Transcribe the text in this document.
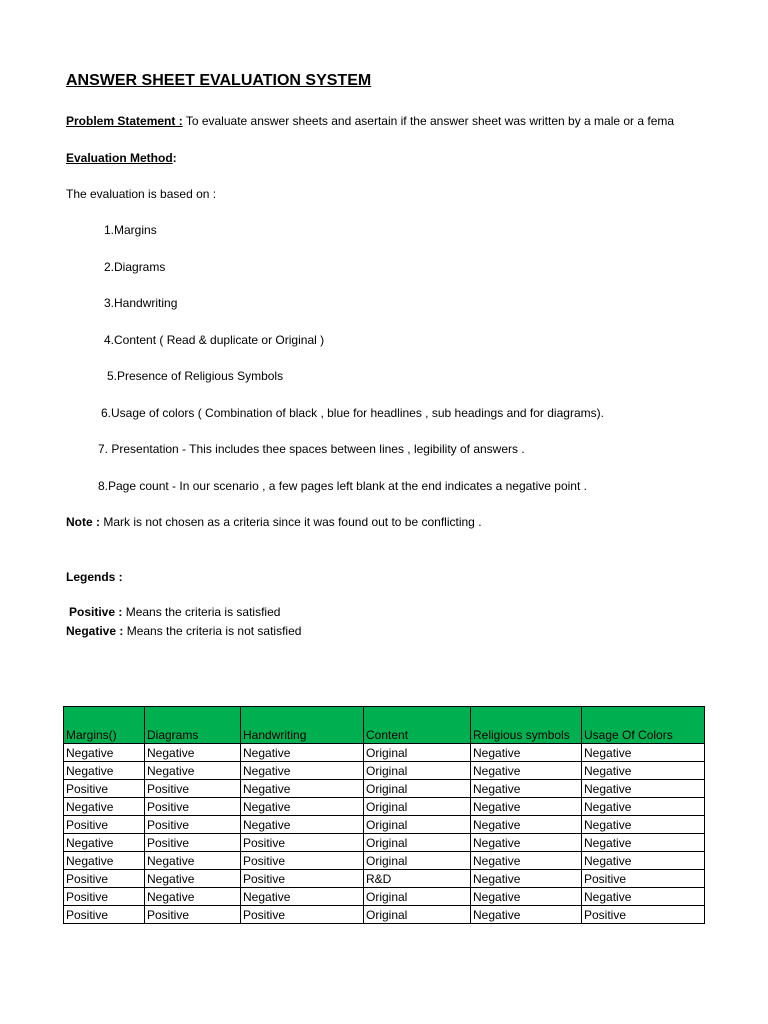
ANSWER SHEET EVALUATION SYSTEM
Problem Statement : To evaluate answer sheets and asertain if the answer sheet was written by a male or a fema
Evaluation Method:
The evaluation is based on :
1.Margins
2.Diagrams
3.Handwriting
4.Content ( Read & duplicate or Original )
5.Presence of Religious Symbols
6.Usage of colors ( Combination of black , blue for headlines , sub headings and for diagrams).
7. Presentation - This includes thee spaces between lines , legibility of answers .
8.Page count - In our scenario , a few pages left blank at the end indicates a negative point .
Note : Mark is not chosen as a criteria since it was found out to be conflicting .
Legends :
Positive : Means the criteria is satisfied
Negative : Means the criteria is not satisfied
Margins()	Diagrams	Handwriting	Content	Religious symbols	Usage Of Colors
Negative	Negative	Negative	Original	Negative	Negative
Negative	Negative	Negative	Original	Negative	Negative
Positive	Positive	Negative	Original	Negative	Negative
Negative	Positive	Negative	Original	Negative	Negative
Positive	Positive	Negative	Original	Negative	Negative
Negative	Positive	Positive	Original	Negative	Negative
Negative	Negative	Positive	Original	Negative	Negative
Positive	Negative	Positive	R&D	Negative	Positive
Positive	Negative	Negative	Original	Negative	Negative
Positive	Positive	Positive	Original	Negative	Positive
